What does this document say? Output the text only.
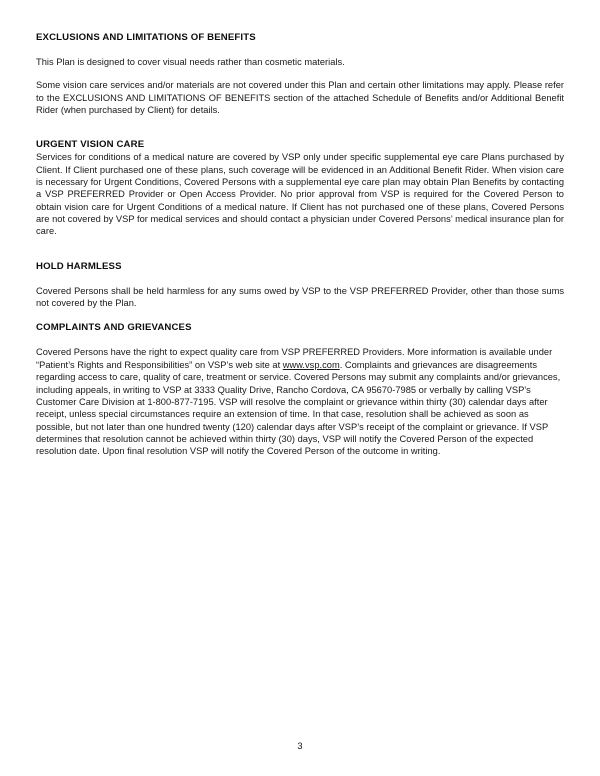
EXCLUSIONS AND LIMITATIONS OF BENEFITS

This Plan is designed to cover visual needs rather than cosmetic materials.

Some vision care services and/or materials are not covered under this Plan and certain other limitations may apply. Please refer to the EXCLUSIONS AND LIMITATIONS OF BENEFITS section of the attached Schedule of Benefits and/or Additional Benefit Rider (when purchased by Client) for details.

URGENT VISION CARE

Services for conditions of a medical nature are covered by VSP only under specific supplemental eye care Plans purchased by Client. If Client purchased one of these plans, such coverage will be evidenced in an Additional Benefit Rider. When vision care is necessary for Urgent Conditions, Covered Persons with a supplemental eye care plan may obtain Plan Benefits by contacting a VSP PREFERRED Provider or Open Access Provider. No prior approval from VSP is required for the Covered Person to obtain vision care for Urgent Conditions of a medical nature. If Client has not purchased one of these plans, Covered Persons are not covered by VSP for medical services and should contact a physician under Covered Persons’ medical insurance plan for care.

HOLD HARMLESS

Covered Persons shall be held harmless for any sums owed by VSP to the VSP PREFERRED Provider, other than those sums not covered by the Plan.

COMPLAINTS AND GRIEVANCES

Covered Persons have the right to expect quality care from VSP PREFERRED Providers. More information is available under “Patient’s Rights and Responsibilities” on VSP’s web site at www.vsp.com. Complaints and grievances are disagreements regarding access to care, quality of care, treatment or service. Covered Persons may submit any complaints and/or grievances, including appeals, in writing to VSP at 3333 Quality Drive, Rancho Cordova, CA 95670-7985 or verbally by calling VSP's Customer Care Division at 1-800-877-7195. VSP will resolve the complaint or grievance within thirty (30) calendar days after receipt, unless special circumstances require an extension of time. In that case, resolution shall be achieved as soon as possible, but not later than one hundred twenty (120) calendar days after VSP’s receipt of the complaint or grievance. If VSP determines that resolution cannot be achieved within thirty (30) days, VSP will notify the Covered Person of the expected resolution date. Upon final resolution VSP will notify the Covered Person of the outcome in writing.

3
